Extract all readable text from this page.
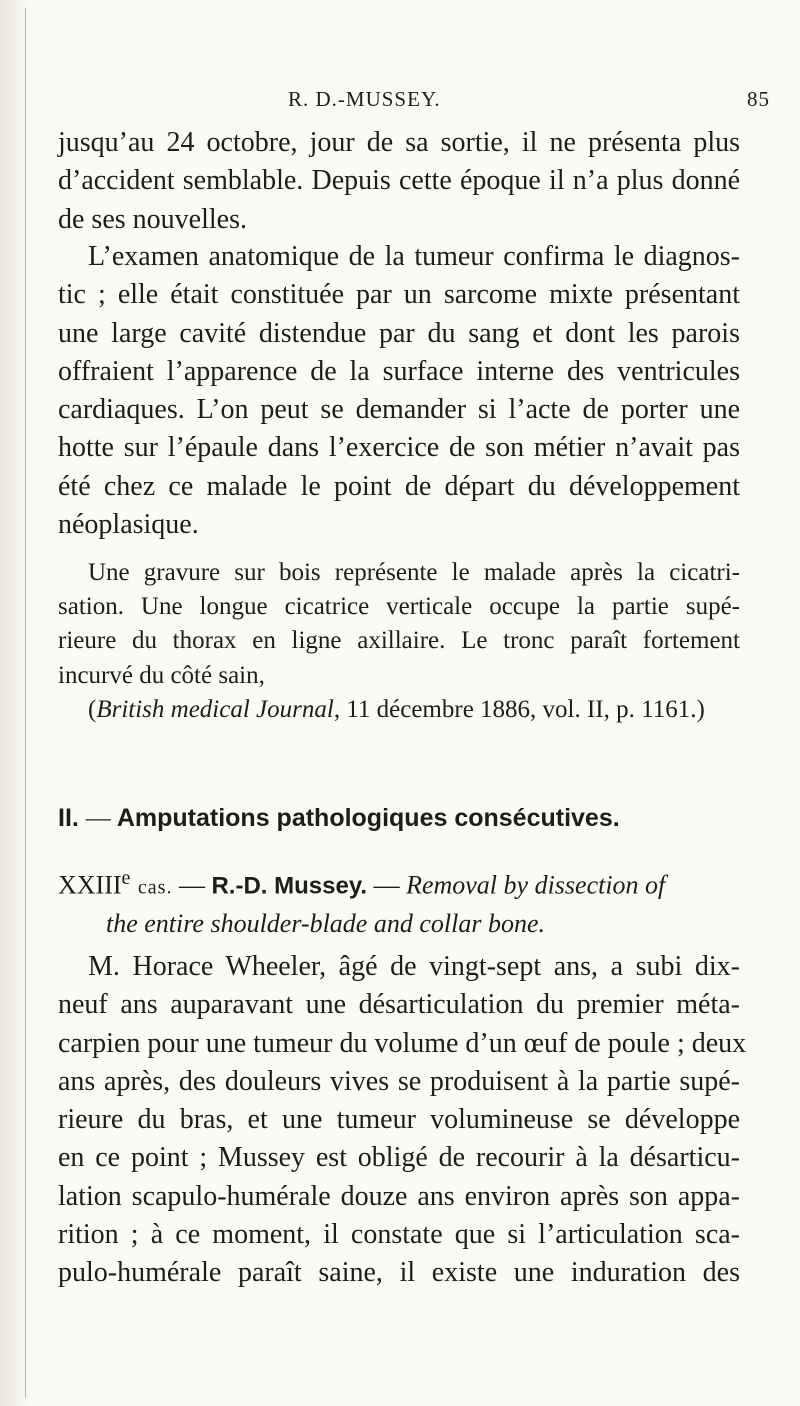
R. D.-MUSSEY.	85
jusqu’au 24 octobre, jour de sa sortie, il ne présenta plus
d’accident semblable. Depuis cette époque il n’a plus donné
de ses nouvelles.
L’examen anatomique de la tumeur confirma le diagnos-
tic ; elle était constituée par un sarcome mixte présentant
une large cavité distendue par du sang et dont les parois
offraient l’apparence de la surface interne des ventricules
cardiaques. L’on peut se demander si l’acte de porter une
hotte sur l’épaule dans l’exercice de son métier n’avait pas
été chez ce malade le point de départ du développement
néoplasique.
Une gravure sur bois représente le malade après la cicatri-
sation. Une longue cicatrice verticale occupe la partie supé-
rieure du thorax en ligne axillaire. Le tronc paraît fortement
incurvé du côté sain,
(British medical Journal, 11 décembre 1886, vol. II, p. 1161.)
II. — Amputations pathologiques consécutives.
XXIIIe cas. — R.-D. Mussey. — Removal by dissection of
the entire shoulder-blade and collar bone.
M. Horace Wheeler, âgé de vingt-sept ans, a subi dix-
neuf ans auparavant une désarticulation du premier méta-
carpien pour une tumeur du volume d’un œuf de poule ; deux
ans après, des douleurs vives se produisent à la partie supé-
rieure du bras, et une tumeur volumineuse se développe
en ce point ; Mussey est obligé de recourir à la désarticu-
lation scapulo-humérale douze ans environ après son appa-
rition ; à ce moment, il constate que si l’articulation sca-
pulo-humérale paraît saine, il existe une induration des
